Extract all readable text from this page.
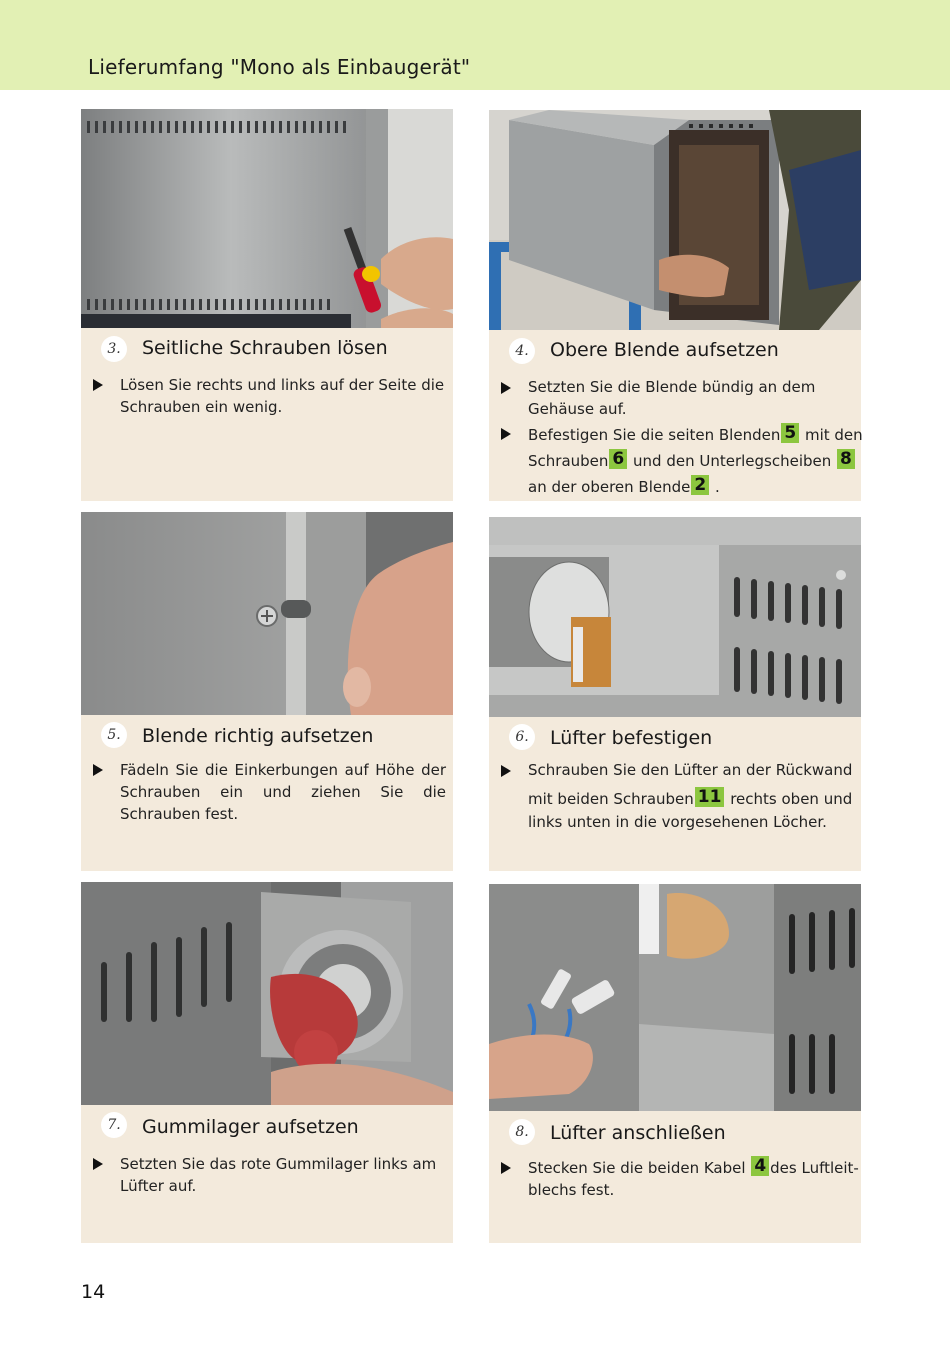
Lieferumfang "Mono als Einbaugerät"
3.	Seitliche Schrauben lösen
Lösen Sie rechts und links auf der Seite die
Schrauben ein wenig.
4.	Obere Blende aufsetzen
Setzten Sie die Blende bündig an dem
Gehäuse auf.
Befestigen Sie die seiten Blenden 5 mit den
Schrauben 6 und den Unterlegscheiben 8
an der oberen Blende 2 .
5.	Blende richtig aufsetzen
Fädeln Sie die Einkerbungen auf Höhe der Schrauben ein und ziehen Sie die Schrauben fest.
6.	Lüfter befestigen
Schrauben Sie den Lüfter an der Rückwand
mit beiden Schrauben 11 rechts oben und
links unten in die vorgesehenen Löcher.
7.	Gummilager aufsetzen
Setzten Sie das rote Gummilager links am
Lüfter auf.
8.	Lüfter anschließen
Stecken Sie die beiden Kabel 4 des Luftleit-
blechs fest.
14
